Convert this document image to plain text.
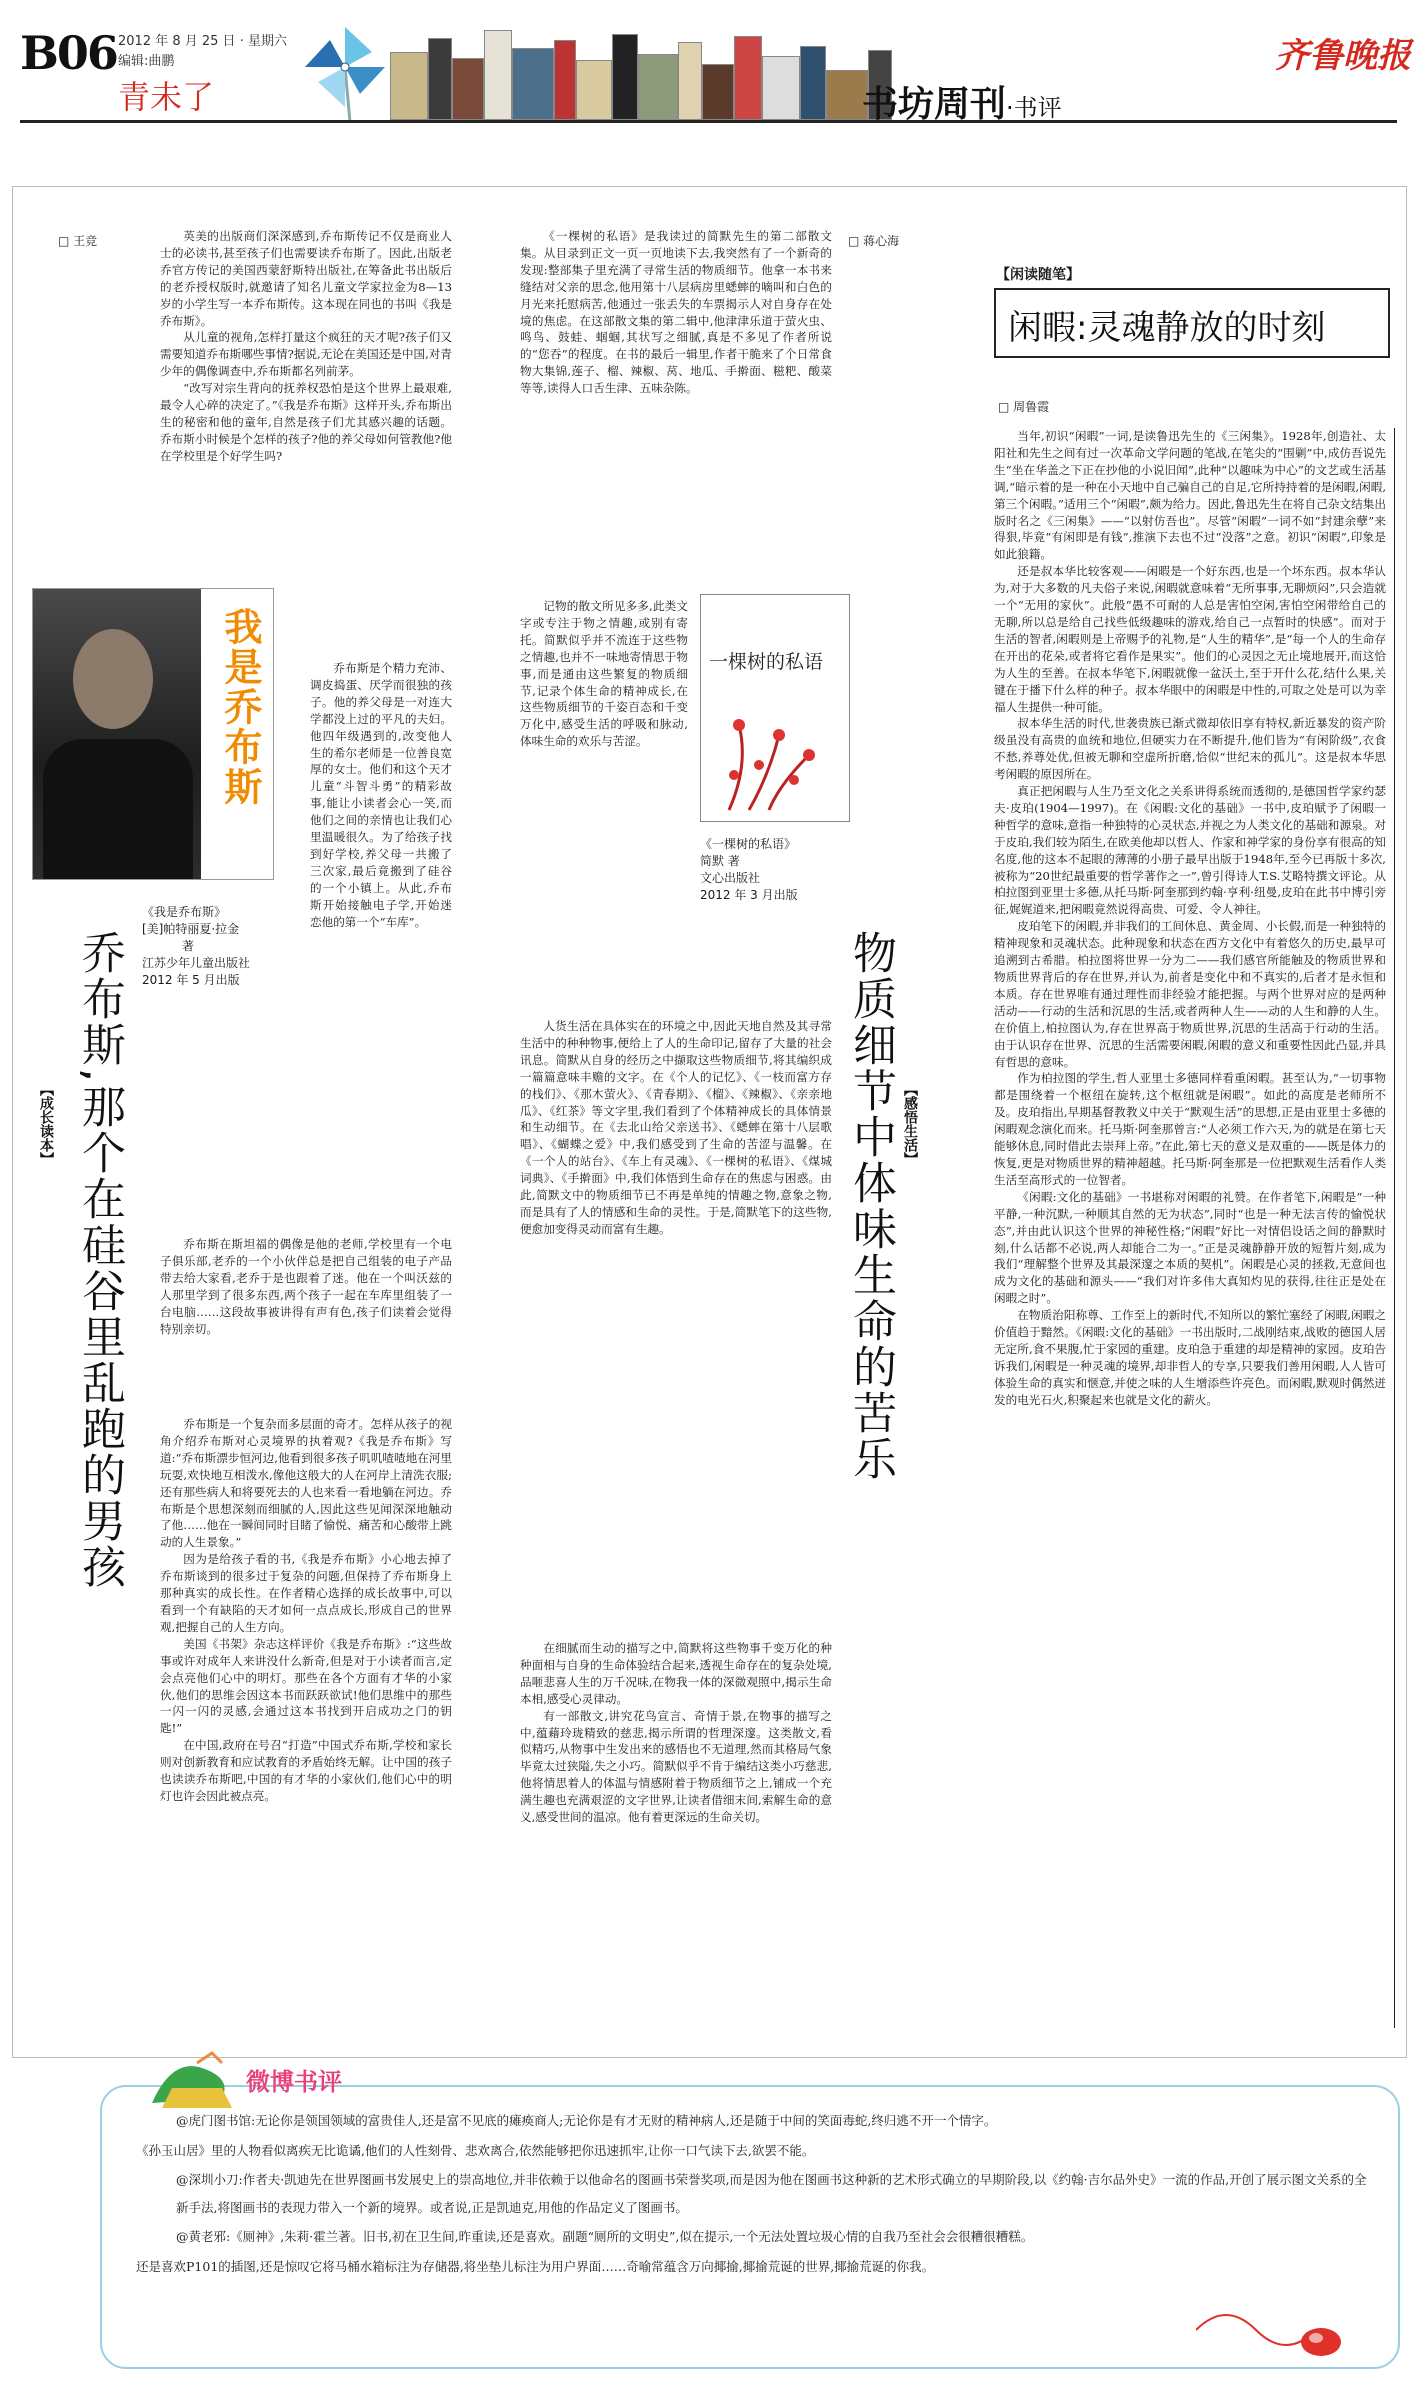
B06 2012 年 8 月 25 日 · 星期六
编辑:曲鹏
青未了	书坊周刊·书评
齐鲁晚报
□ 王竞	英美的出版商们深深感到,乔布斯传记不仅是商业人士的必读书,甚至孩子们也需要读乔布斯了。因此,出版老乔官方传记的美国西蒙舒斯特出版社,在筹备此书出版后的老乔授权版时,就邀请了知名儿童文学家拉金为8—13岁的小学生写一本乔布斯传。这本现在同也的书叫《我是乔布斯》。

从儿童的视角,怎样打量这个疯狂的天才呢?孩子们又需要知道乔布斯哪些事情?据说,无论在美国还是中国,对青少年的偶像调查中,乔布斯都名列前茅。

“改写对宗生背向的抚养权恐怕是这个世界上最艰难,最令人心碎的决定了。”《我是乔布斯》这样开头,乔布斯出生的秘密和他的童年,自然是孩子们尤其感兴趣的话题。乔布斯小时候是个怎样的孩子?他的养父母如何管教他?他在学校里是个好学生吗?

我是乔布斯
《我是乔布斯》
[美]帕特丽夏·拉金
著
江苏少年儿童出版社
2012 年 5 月出版
【成长读本】 乔布斯,那个在硅谷里乱跑的男孩

乔布斯是个精力充沛、调皮捣蛋、厌学而很独的孩子。他的养父母是一对连大学都没上过的平凡的夫妇。他四年级遇到的,改变他人生的希尔老师是一位善良宽厚的女士。他们和这个天才儿童“斗智斗勇”的精彩故事,能让小读者会心一笑,而他们之间的亲情也让我们心里温暖很久。为了给孩子找到好学校,养父母一共搬了三次家,最后竟搬到了硅谷的一个小镇上。从此,乔布斯开始接触电子学,开始迷恋他的第一个“车库”。

乔布斯在斯坦福的偶像是他的老师,学校里有一个电子俱乐部,老乔的一个小伙伴总是把自己组装的电子产品带去给大家看,老乔于是也跟着了迷。他在一个叫沃兹的人那里学到了很多东西,两个孩子一起在车库里组装了一台电脑……这段故事被讲得有声有色,孩子们读着会觉得特别亲切。

乔布斯是一个复杂而多层面的奇才。怎样从孩子的视角介绍乔布斯对心灵境界的执着观?《我是乔布斯》写道:“乔布斯漂步恒河边,他看到很多孩子叽叽喳喳地在河里玩耍,欢快地互相泼水,像他这般大的人在河岸上清洗衣服;还有那些病人和将要死去的人也来看一看地躺在河边。乔布斯是个思想深刻而细腻的人,因此这些见闻深深地触动了他……他在一瞬间同时目睹了愉悦、痛苦和心酸带上跳动的人生景象。”

因为是给孩子看的书,《我是乔布斯》小心地去掉了乔布斯谈到的很多过于复杂的问题,但保持了乔布斯身上那种真实的成长性。在作者精心选择的成长故事中,可以看到一个有缺陷的天才如何一点点成长,形成自己的世界观,把握自己的人生方向。

美国《书架》杂志这样评价《我是乔布斯》:“这些故事或许对成年人来讲没什么新奇,但是对于小读者而言,定会点亮他们心中的明灯。那些在各个方面有才华的小家伙,他们的思维会因这本书而跃跃欲试!他们思维中的那些一闪一闪的灵感,会通过这本书找到开启成功之门的钥匙!”

在中国,政府在号召“打造”中国式乔布斯,学校和家长则对创新教育和应试教育的矛盾始终无解。让中国的孩子也读读乔布斯吧,中国的有才华的小家伙们,他们心中的明灯也许会因此被点亮。

□ 蒋心海

《一棵树的私语》是我读过的简默先生的第二部散文集。从目录到正文一页一页地读下去,我突然有了一个新奇的发现:整部集子里充满了寻常生活的物质细节。他拿一本书来缝结对父亲的思念,他用第十八层病房里蟋蟀的嘀叫和白色的月光来托慰病苦,他通过一张丢失的车票揭示人对自身存在处境的焦虑。在这部散文集的第二辑中,他津津乐道于萤火虫、鸣鸟、鼓蛙、蝈蝈,其状写之细腻,真是不多见了作者所说的“您吞”的程度。在书的最后一辑里,作者干脆来了个日常食物大集锦,莲子、榴、辣椒、莴、地瓜、手擀面、糍粑、酸菜等等,读得人口舌生津、五味杂陈。

一棵树的私语

记物的散文所见多多,此类文字或专注于物之情趣,或别有寄托。简默似乎并不流连于这些物之情趣,也并不一味地寄情思于物事,而是通由这些繁复的物质细节,记录个体生命的精神成长,在这些物质细节的千姿百态和千变万化中,感受生活的呼吸和脉动,体味生命的欢乐与苦涩。

《一棵树的私语》
简默 著
文心出版社
2012 年 3 月出版
物质细节中体味生命的苦乐 【感悟生活】

人货生活在具体实在的环境之中,因此天地自然及其寻常生活中的种种物事,便给上了人的生命印记,留存了大量的社会讯息。简默从自身的经历之中撷取这些物质细节,将其编织成一篇篇意味丰赡的文字。在《个人的记忆》、《一枝而富方存的栈们》、《那木萤火》、《青春期》、《榴》、《辣椒》、《亲亲地瓜》、《红茶》等文字里,我们看到了个体精神成长的具体情景和生动细节。在《去北山给父亲送书》、《蟋蟀在第十八层歌唱》、《蝴蝶之爱》中,我们感受到了生命的苦涩与温馨。在《一个人的站台》、《车上有灵魂》、《一棵树的私语》、《煤城词典》、《手擀面》中,我们体悟到生命存在的焦虑与困惑。由此,简默文中的物质细节已不再是单纯的情趣之物,意象之物,而是具有了人的情感和生命的灵性。于是,简默笔下的这些物,便愈加变得灵动而富有生趣。

在细腻而生动的描写之中,简默将这些物事千变万化的种种面相与自身的生命体验结合起来,透视生命存在的复杂处境,品咂悲喜人生的万千况味,在物我一体的深微观照中,揭示生命本相,感受心灵律动。

有一部散文,讲究花鸟宣言、奇情于景,在物事的描写之中,蕴藉玲珑精致的慈悲,揭示所谓的哲理深邃。这类散文,看似精巧,从物事中生发出来的感悟也不无道理,然而其格局气象毕竟太过狭隘,失之小巧。简默似乎不肯于编结这类小巧慈悲,他将情思着人的体温与情感附着于物质细节之上,铺成一个充满生趣也充满艰涩的文字世界,让读者借细末间,索解生命的意义,感受世间的温凉。他有着更深远的生命关切。

【闲读随笔】
闲暇:灵魂静放的时刻
□ 周鲁霞

当年,初识“闲暇”一词,是读鲁迅先生的《三闲集》。1928年,创造社、太阳社和先生之间有过一次革命文学问题的笔战,在笔尖的“围剿”中,成仿吾说先生“坐在华盖之下正在抄他的小说旧闻”,此种“以趣味为中心”的文艺或生活基调,“暗示着的是一种在小天地中自己骗自己的自足,它所持持着的是闲暇,闲暇,第三个闲暇。”适用三个“闲暇”,颇为给力。因此,鲁迅先生在将自己杂文结集出版时名之《三闲集》——“以射仿吾也”。尽管“闲暇”一词不如“封建余孽”来得狠,毕竟“有闲即是有钱”,推演下去也不过“没落”之意。初识“闲暇”,印象是如此狼籍。

还是叔本华比较客观——闲暇是一个好东西,也是一个坏东西。叔本华认为,对于大多数的凡夫俗子来说,闲暇就意味着“无所事事,无聊烦闷”,只会造就一个“无用的家伙”。此般“愚不可耐的人总是害怕空闲,害怕空闲带给自己的无聊,所以总是给自己找些低级趣味的游戏,给自己一点暂时的快感”。而对于生活的智者,闲暇则是上帝赐予的礼物,是“人生的精华”,是“每一个人的生命存在开出的花朵,或者将它看作是果实”。他们的心灵因之无止境地展开,而这恰为人生的至善。在叔本华笔下,闲暇就像一盆沃土,至于开什么花,结什么果,关键在于播下什么样的种子。叔本华眼中的闲暇是中性的,可取之处是可以为幸福人生提供一种可能。

叔本华生活的时代,世袭贵族已渐式微却依旧享有特权,新近暴发的资产阶级虽没有高贵的血统和地位,但硬实力在不断提升,他们皆为“有闲阶级”,衣食不愁,养尊处优,但被无聊和空虚所折磨,恰似“世纪末的孤儿”。这是叔本华思考闲暇的原因所在。

真正把闲暇与人生乃至文化之关系讲得系统而透彻的,是德国哲学家约瑟夫·皮珀(1904—1997)。在《闲暇:文化的基础》一书中,皮珀赋予了闲暇一种哲学的意味,意指一种独特的心灵状态,并视之为人类文化的基础和源泉。对于皮珀,我们较为陌生,在欧美他却以哲人、作家和神学家的身份享有很高的知名度,他的这本不起眼的薄薄的小册子最早出版于1948年,至今已再版十多次,被称为“20世纪最重要的哲学著作之一”,曾引得诗人T.S.艾略特撰文评论。从柏拉图到亚里士多德,从托马斯·阿奎那到约翰·亨利·纽曼,皮珀在此书中博引旁征,娓娓道来,把闲暇竟然说得高贵、可爱、令人神往。

皮珀笔下的闲暇,并非我们的工间休息、黄金周、小长假,而是一种独特的精神现象和灵魂状态。此种现象和状态在西方文化中有着悠久的历史,最早可追溯到古希腊。柏拉图将世界一分为二——我们感官所能触及的物质世界和物质世界背后的存在世界,并认为,前者是变化中和不真实的,后者才是永恒和本质。存在世界唯有通过理性而非经验才能把握。与两个世界对应的是两种活动——行动的生活和沉思的生活,或者两种人生——动的人生和静的人生。在价值上,柏拉图认为,存在世界高于物质世界,沉思的生活高于行动的生活。由于认识存在世界、沉思的生活需要闲暇,闲暇的意义和重要性因此凸显,并具有哲思的意味。

作为柏拉图的学生,哲人亚里士多德同样看重闲暇。甚至认为,“一切事物都是围绕着一个枢纽在旋转,这个枢纽就是闲暇”。如此的高度是老师所不及。皮珀指出,早期基督教教义中关于“默观生活”的思想,正是由亚里士多德的闲暇观念演化而来。托马斯·阿奎那曾言:“人必须工作六天,为的就是在第七天能够休息,同时借此去崇拜上帝。”在此,第七天的意义是双重的——既是体力的恢复,更是对物质世界的精神超越。托马斯·阿奎那是一位把默观生活看作人类生活至高形式的一位智者。

《闲暇:文化的基础》一书堪称对闲暇的礼赞。在作者笔下,闲暇是“一种平静,一种沉默,一种顺其自然的无为状态”,同时“也是一种无法言传的愉悦状态”,并由此认识这个世界的神秘性格;“闲暇”好比一对情侣设话之间的静默时刻,什么话都不必说,两人却能合二为一。”正是灵魂静静开放的短暂片刻,成为我们“理解整个世界及其最深邃之本质的契机”。闲暇是心灵的拯救,无意间也成为文化的基础和源头——“我们对许多伟大真知灼见的获得,往往正是处在闲暇之时”。

在物质治阳称尊、工作至上的新时代,不知所以的繁忙塞经了闲暇,闲暇之价值趋于黯然。《闲暇:文化的基础》一书出版时,二战刚结束,战败的德国人居无定所,食不果腹,忙于家园的重建。皮珀急于重建的却是精神的家园。皮珀告诉我们,闲暇是一种灵魂的境界,却非哲人的专享,只要我们善用闲暇,人人皆可体验生命的真实和惬意,并使之味的人生增添些许亮色。而闲暇,默观时偶然迸发的电光石火,积聚起来也就是文化的薪火。

微博书评
@虎门图书馆:无论你是领国领域的富贵佳人,还是富不见底的瘫痪商人;无论你是有才无财的精神病人,还是随于中间的笑面毒蛇,终归逃不开一个情字。
《孙玉山居》里的人物看似离疾无比诡谲,他们的人性刻骨、悲欢离合,依然能够把你迅速抓牢,让你一口气读下去,欲罢不能。
@深圳小刀:作者夫·凯迪先在世界图画书发展史上的崇高地位,并非依赖于以他命名的图画书荣誉奖项,而是因为他在图画书这种新的艺术形式确立的早期阶段,以《约翰·吉尔品外史》一流的作品,开创了展示图文关系的全新手法,将图画书的表现力带入一个新的境界。或者说,正是凯迪克,用他的作品定义了图画书。
@黄老邪:《厕神》,朱莉·霍兰著。旧书,初在卫生间,昨重读,还是喜欢。副题“厕所的文明史”,似在提示,一个无法处置垃圾心情的自我乃至社会会很糟很糟糕。
还是喜欢P101的插图,还是惊叹它将马桶水箱标注为存储器,将坐垫儿标注为用户界面……奇喻常蕴含万向揶揄,揶揄荒诞的世界,揶揄荒诞的你我。
